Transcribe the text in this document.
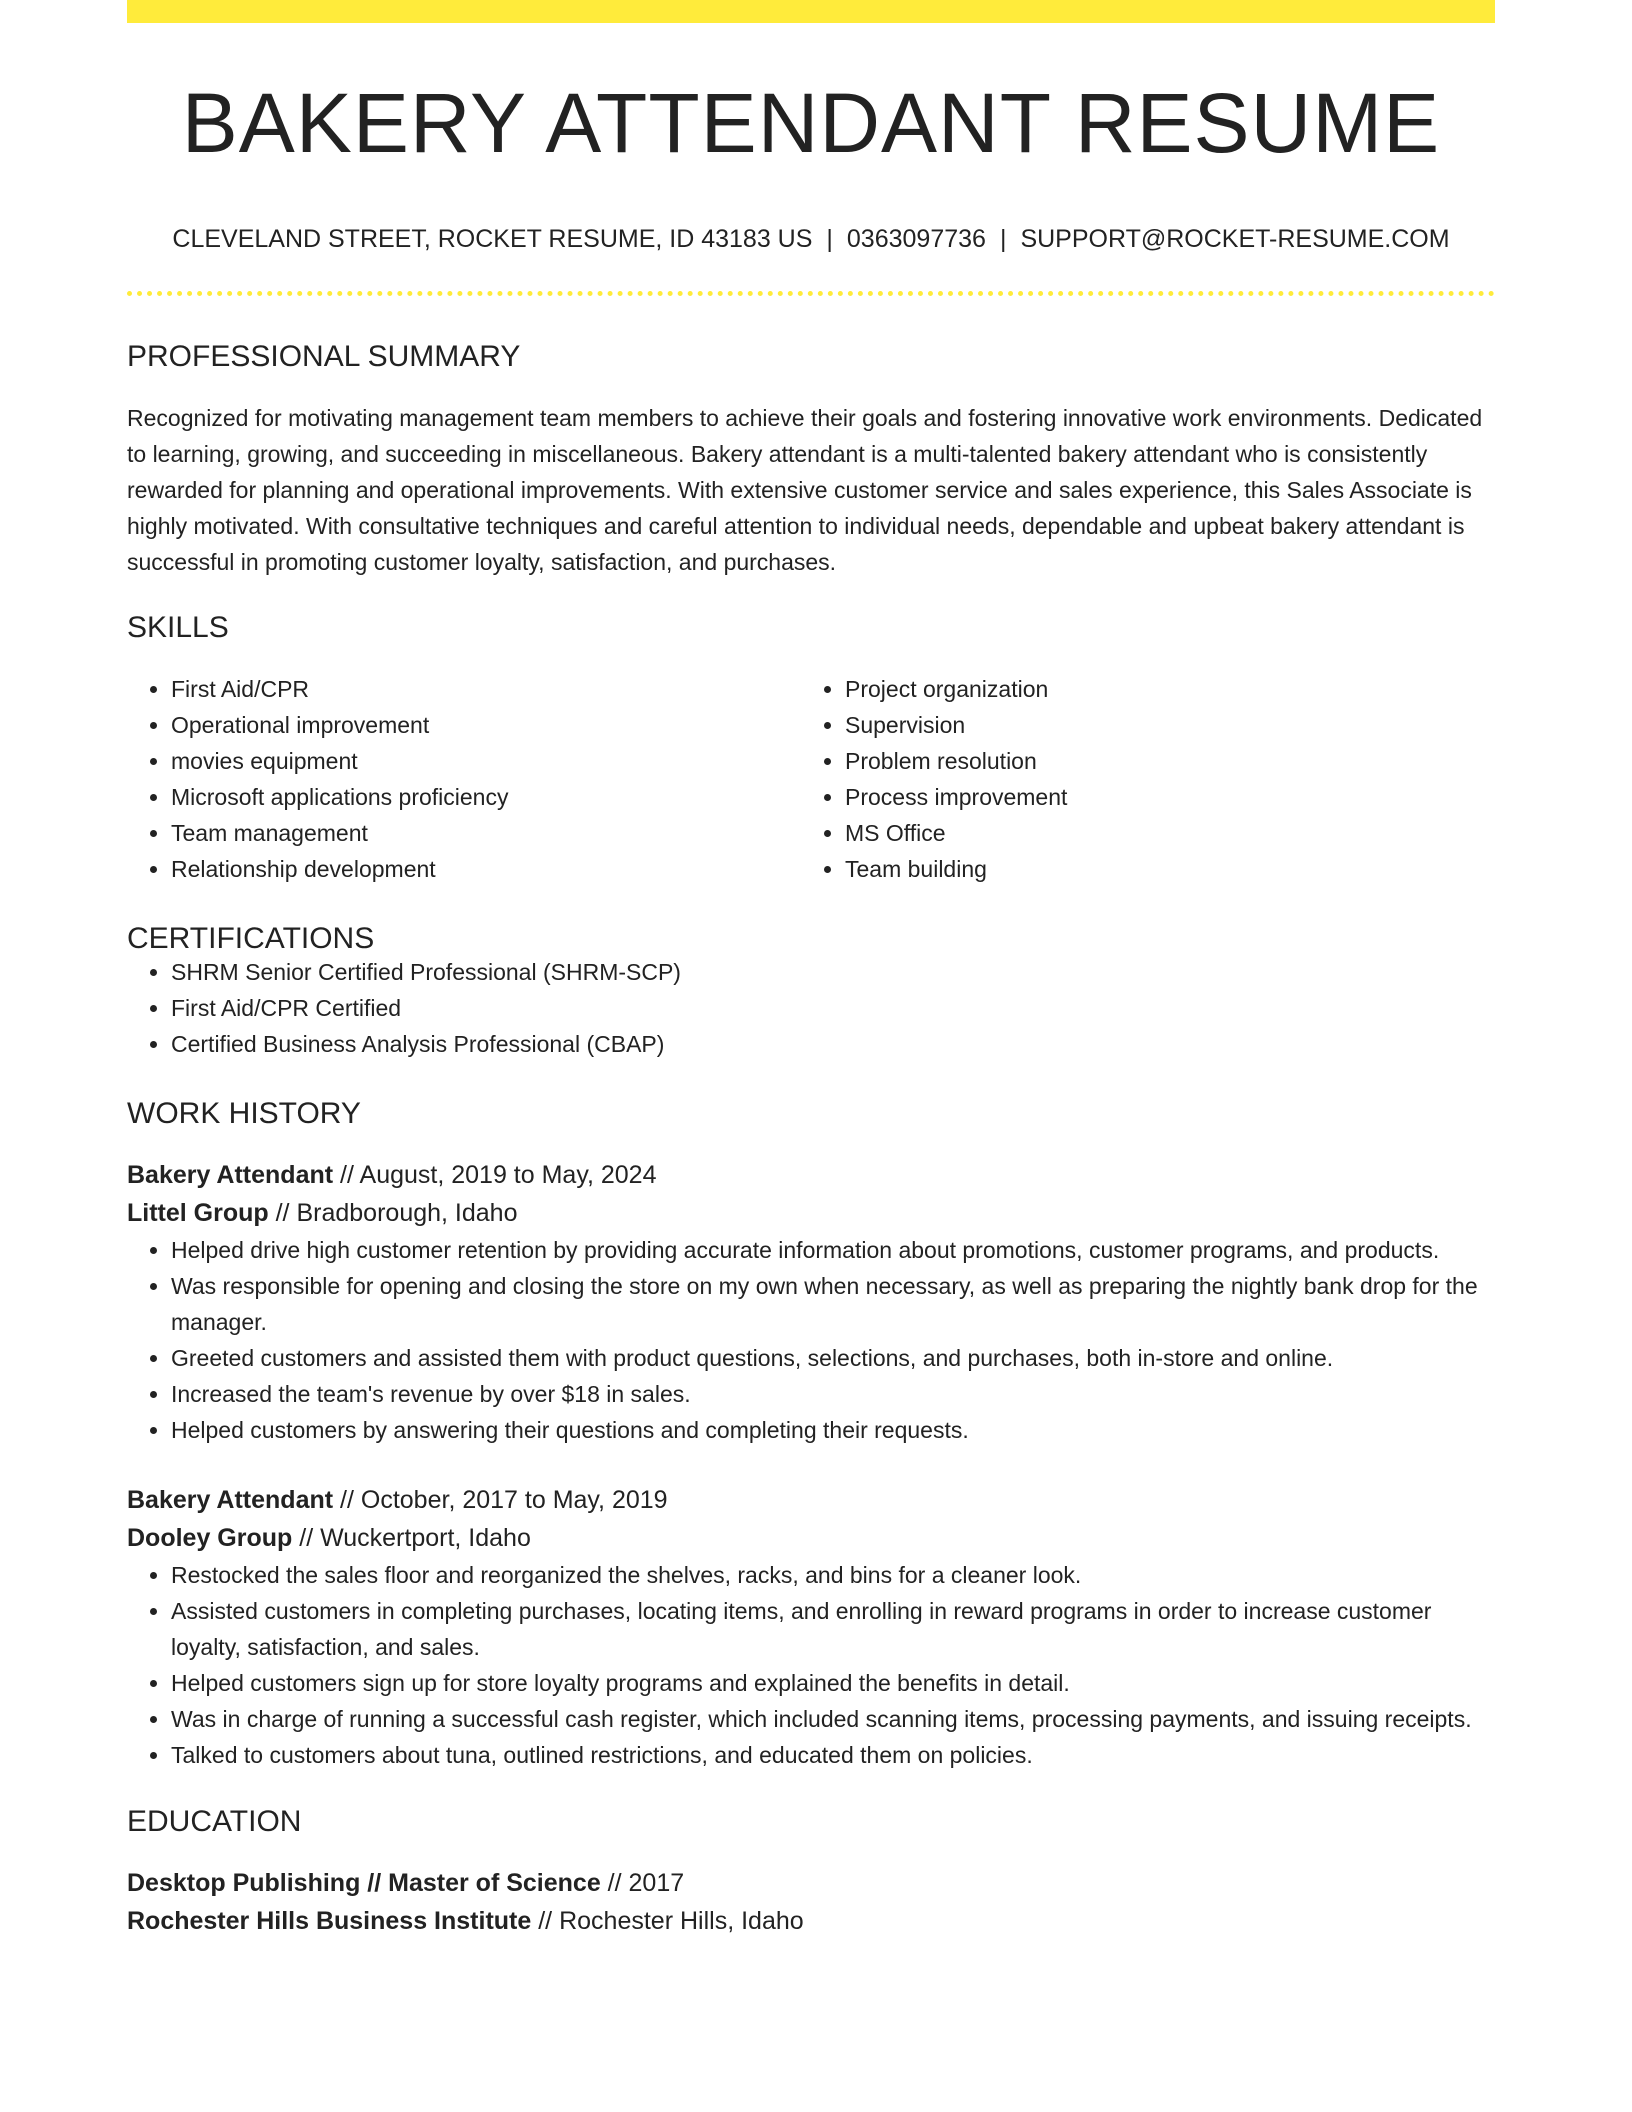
BAKERY ATTENDANT RESUME
CLEVELAND STREET, ROCKET RESUME, ID 43183 US | 0363097736 | SUPPORT@ROCKET-RESUME.COM
PROFESSIONAL SUMMARY

Recognized for motivating management team members to achieve their goals and fostering innovative work environments. Dedicated to learning, growing, and succeeding in miscellaneous. Bakery attendant is a multi-talented bakery attendant who is consistently rewarded for planning and operational improvements. With extensive customer service and sales experience, this Sales Associate is highly motivated. With consultative techniques and careful attention to individual needs, dependable and upbeat bakery attendant is successful in promoting customer loyalty, satisfaction, and purchases.

SKILLS
• First Aid/CPR
• Operational improvement
• movies equipment
• Microsoft applications proficiency
• Team management
• Relationship development
• Project organization
• Supervision
• Problem resolution
• Process improvement
• MS Office
• Team building
CERTIFICATIONS
• SHRM Senior Certified Professional (SHRM-SCP)
• First Aid/CPR Certified
• Certified Business Analysis Professional (CBAP)
WORK HISTORY
Bakery Attendant // August, 2019 to May, 2024
Littel Group // Bradborough, Idaho
• Helped drive high customer retention by providing accurate information about promotions, customer programs, and products.
• Was responsible for opening and closing the store on my own when necessary, as well as preparing the nightly bank drop for the manager.
• Greeted customers and assisted them with product questions, selections, and purchases, both in-store and online.
• Increased the team's revenue by over $18 in sales.
• Helped customers by answering their questions and completing their requests.
Bakery Attendant // October, 2017 to May, 2019
Dooley Group // Wuckertport, Idaho
• Restocked the sales floor and reorganized the shelves, racks, and bins for a cleaner look.
• Assisted customers in completing purchases, locating items, and enrolling in reward programs in order to increase customer loyalty, satisfaction, and sales.
• Helped customers sign up for store loyalty programs and explained the benefits in detail.
• Was in charge of running a successful cash register, which included scanning items, processing payments, and issuing receipts.
• Talked to customers about tuna, outlined restrictions, and educated them on policies.
EDUCATION
Desktop Publishing // Master of Science // 2017
Rochester Hills Business Institute // Rochester Hills, Idaho
